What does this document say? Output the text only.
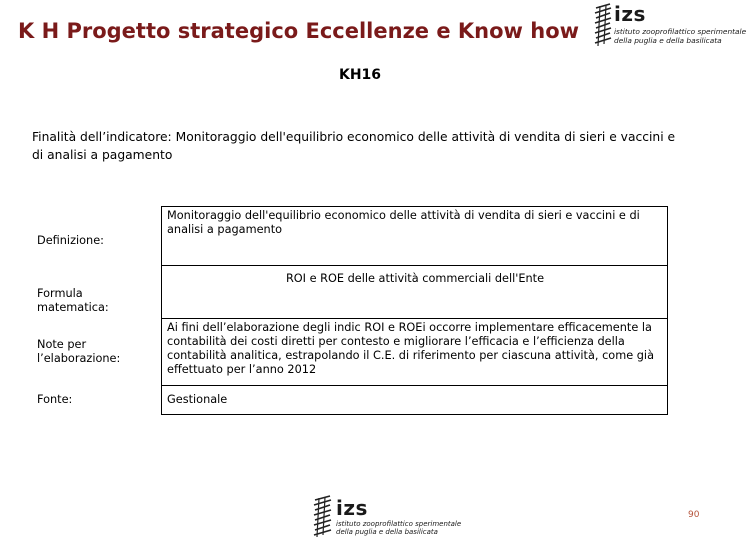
K H Progetto strategico Eccellenze e Know how
izs
istituto zooprofilattico sperimentale
della puglia e della basilicata
KH16
Finalità dell’indicatore: Monitoraggio dell'equilibrio economico delle attività di vendita di sieri e vaccini e di analisi a pagamento
Definizione:	Monitoraggio dell'equilibrio economico delle attività di vendita di sieri e vaccini e di analisi a pagamento
Formula matematica:	ROI e ROE delle attività commerciali dell'Ente
Note per l’elaborazione:	Ai fini dell’elaborazione degli indic ROI e ROEi occorre implementare efficacemente la contabilità dei costi diretti per contesto e migliorare l’efficacia e l’efficienza della contabilità analitica, estrapolando il C.E. di riferimento per ciascuna attività, come già effettuato per l’anno 2012
Fonte:	Gestionale
izs
istituto zooprofilattico sperimentale
della puglia e della basilicata
90
